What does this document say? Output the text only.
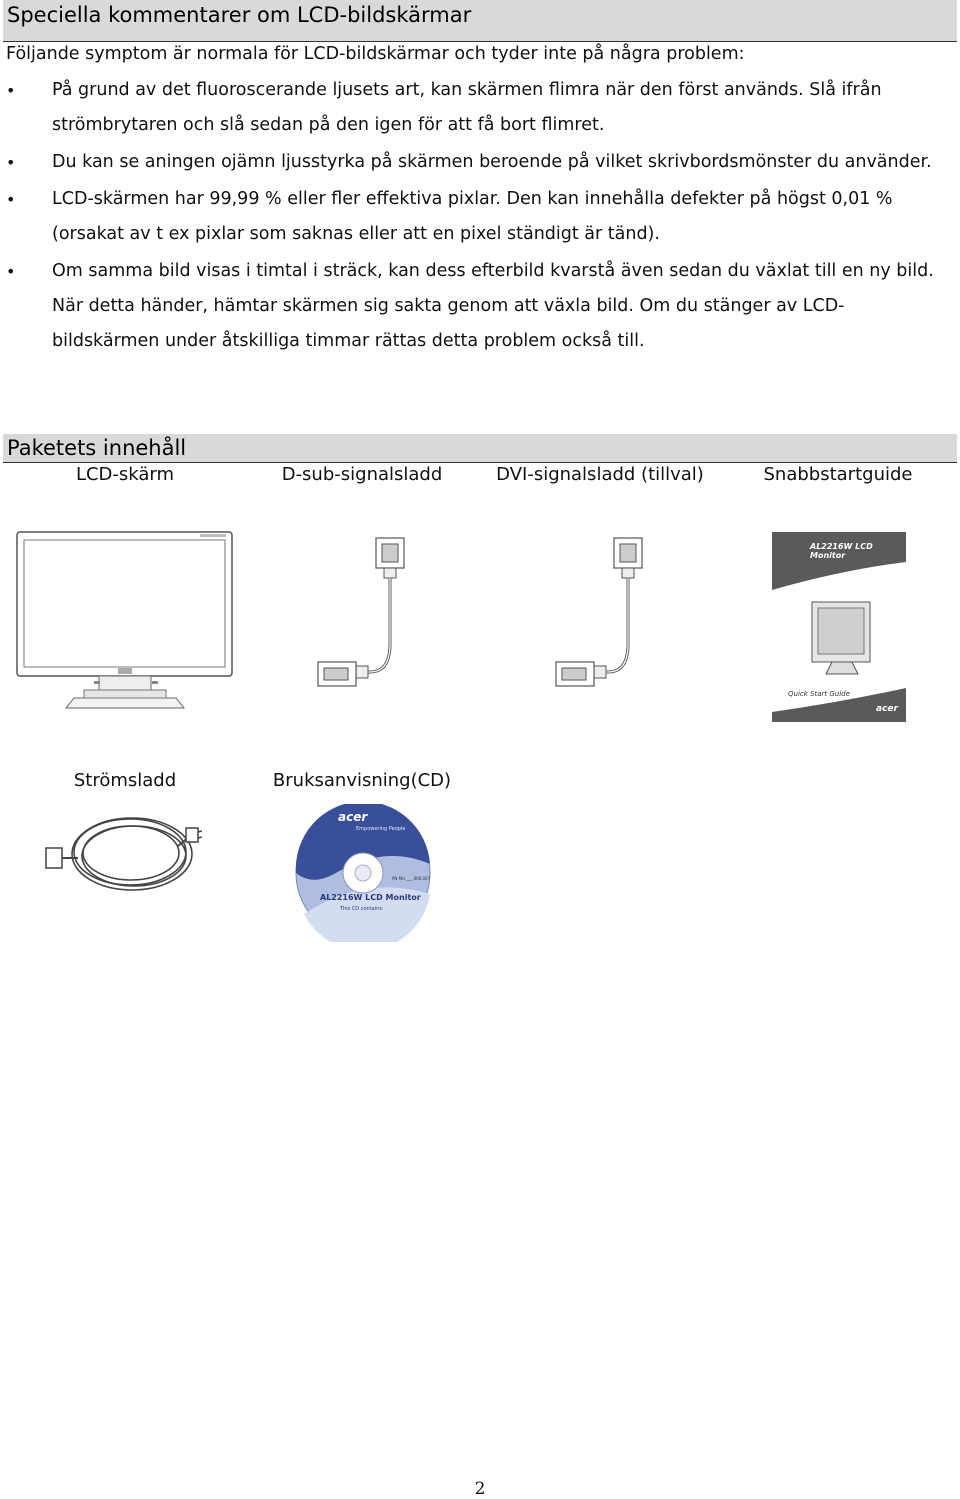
Speciella kommentarer om LCD-bildskärmar
Följande symptom är normala för LCD-bildskärmar och tyder inte på några problem:
• På grund av det fluoroscerande ljusets art, kan skärmen flimra när den först används. Slå ifrån strömbrytaren och slå sedan på den igen för att få bort flimret.
• Du kan se aningen ojämn ljusstyrka på skärmen beroende på vilket skrivbordsmönster du använder.
• LCD-skärmen har 99,99 % eller fler effektiva pixlar. Den kan innehålla defekter på högst 0,01 % (orsakat av t ex pixlar som saknas eller att en pixel ständigt är tänd).
• Om samma bild visas i timtal i sträck, kan dess efterbild kvarstå även sedan du växlat till en ny bild. När detta händer, hämtar skärmen sig sakta genom att växla bild. Om du stänger av LCD-bildskärmen under åtskilliga timmar rättas detta problem också till.
Paketets innehåll
LCD-skärm	D-sub-signalsladd	DVI-signalsladd (tillval)	Snabbstartguide
AL2216W LCD Monitor
Quick Start Guide
acer
Strömsladd	Bruksanvisning(CD)
acer
Empowering People
PN MU.___.006.007
AL2216W LCD Monitor
This CD contains:
2
